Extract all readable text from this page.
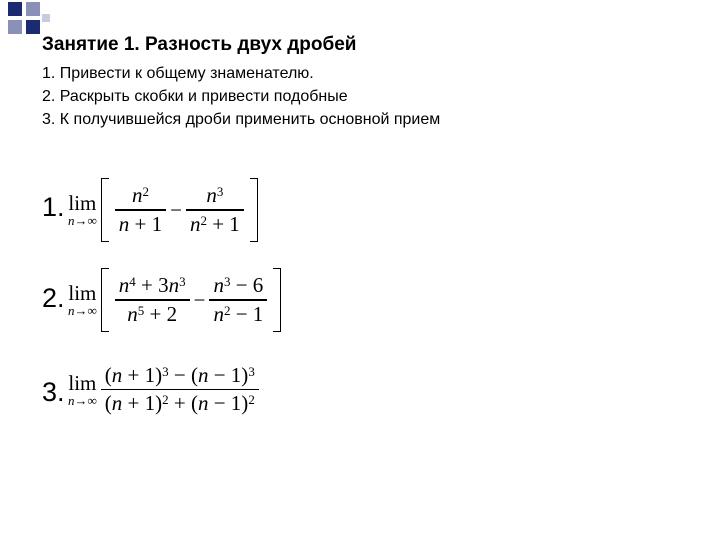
Занятие 1. Разность двух дробей
1. Привести к общему знаменателю.
2. Раскрыть скобки и привести подобные
3. К получившейся дроби применить основной прием
1. lim
$n\to\infty \frac{n^2}{n + 1} - \frac{n^3}{n^2 + 1}$
2. lim
$n\to\infty \frac{n^4 + 3n^3}{n^5 + 2} - \frac{n^3 - 6}{n^2 - 1}$
3. lim
$n\to\infty \frac{(n + 1)^3 - (n - 1)^3}{(n + 1)^2 + (n - 1)^2}$
